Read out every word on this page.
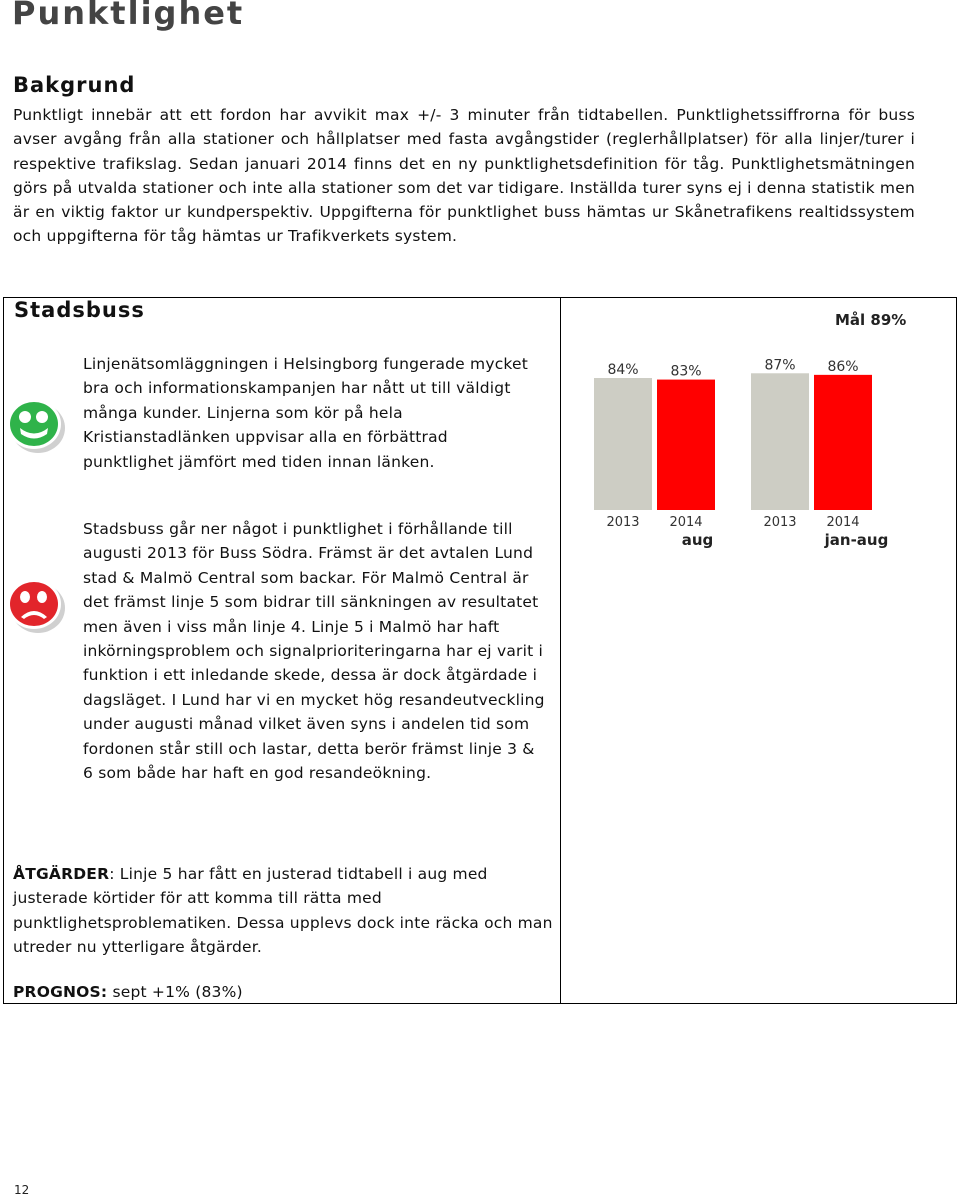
Punktlighet
Bakgrund

Punktligt innebär att ett fordon har avvikit max +/- 3 minuter från tidtabellen. Punktlighetssiffrorna för buss avser avgång från alla stationer och hållplatser med fasta avgångstider (reglerhållplatser) för alla linjer/turer i respektive trafikslag. Sedan januari 2014 finns det en ny punktlighetsdefinition för tåg. Punktlighetsmätningen görs på utvalda stationer och inte alla stationer som det var tidigare. Inställda turer syns ej i denna statistik men är en viktig faktor ur kundperspektiv. Uppgifterna för punktlighet buss hämtas ur Skånetrafikens realtidssystem och uppgifterna för tåg hämtas ur Trafikverkets system.

Stadsbuss

Linjenätsomläggningen i Helsingborg fungerade mycket bra och informationskampanjen har nått ut till väldigt många kunder. Linjerna som kör på hela Kristianstadlänken uppvisar alla en förbättrad punktlighet jämfört med tiden innan länken.

Stadsbuss går ner något i punktlighet i förhållande till augusti 2013 för Buss Södra. Främst är det avtalen Lund stad & Malmö Central som backar. För Malmö Central är det främst linje 5 som bidrar till sänkningen av resultatet men även i viss mån linje 4. Linje 5 i Malmö har haft inkörningsproblem och signalprioriteringarna har ej varit i funktion i ett inledande skede, dessa är dock åtgärdade i dagsläget. I Lund har vi en mycket hög resandeutveckling under augusti månad vilket även syns i andelen tid som fordonen står still och lastar, detta berör främst linje 3 & 6 som både har haft en god resandeökning.

ÅTGÄRDER: Linje 5 har fått en justerad tidtabell i aug med justerade körtider för att komma till rätta med punktlighetsproblematiken. Dessa upplevs dock inte räcka och man utreder nu ytterligare åtgärder.

PROGNOS: sept +1% (83%)

Mål 89%
84%
2013
83%
2014
aug
87%
2013
86%
2014
jan-aug
12
